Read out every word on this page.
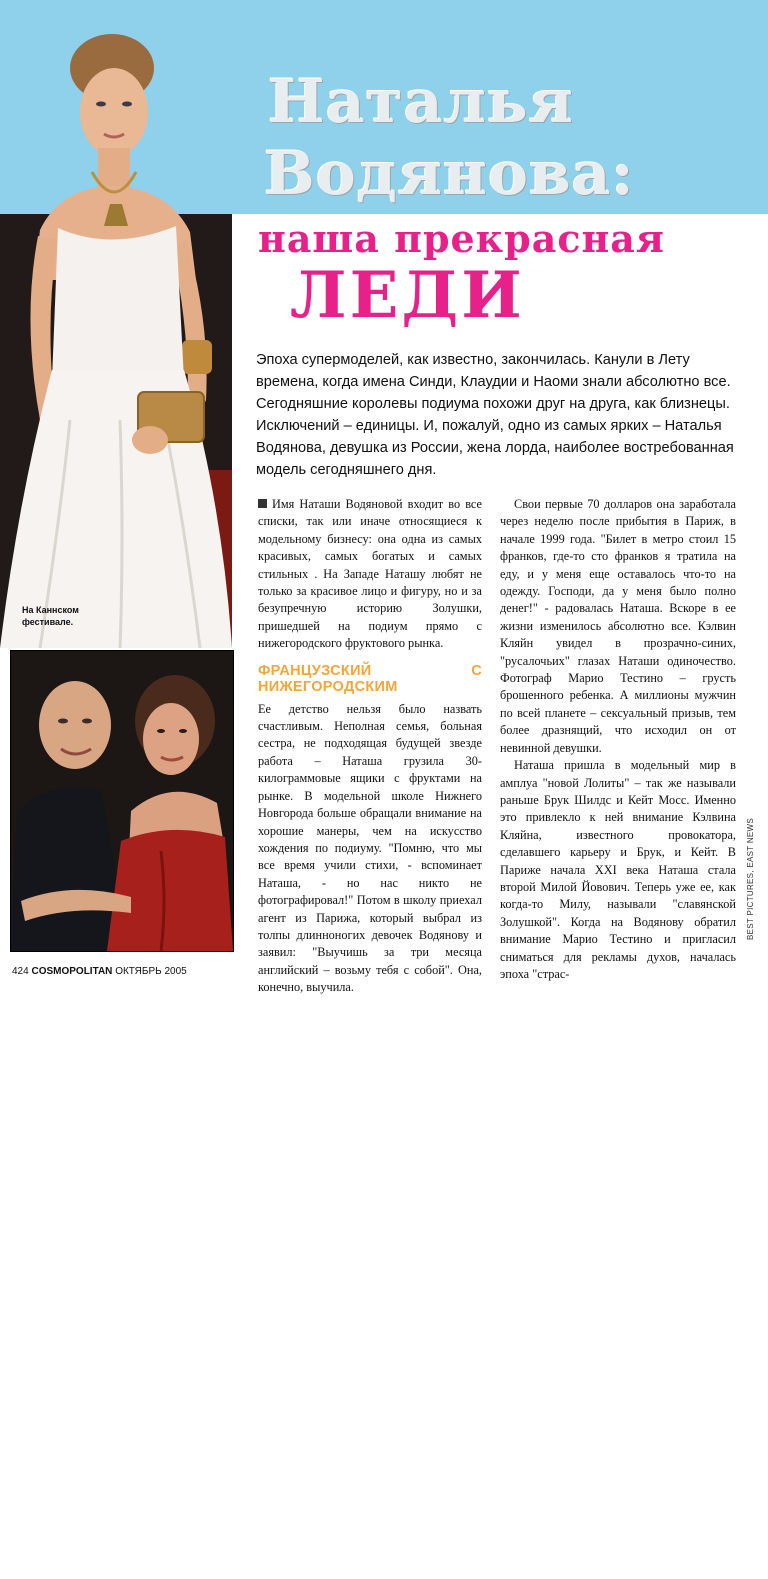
На Каннском фестивале.
Лорд и леди Портман.
Наталья
Водянова:
наша прекрасная
ЛЕДИ
Эпоха супермоделей, как известно, закончилась. Канули в Лету времена, когда имена Синди, Клаудии и Наоми знали абсолютно все. Сегодняшние королевы подиума похожи друг на друга, как близнецы. Исключений – единицы. И, пожалуй, одно из самых ярких – Наталья Водянова, девушка из России, жена лорда, наиболее востребованная модель сегодняшнего дня.

Имя Наташи Водяновой входит во все списки, так или иначе относящиеся к модельному бизнесу: она одна из самых красивых, самых богатых и самых стильных . На Западе Наташу любят не только за красивое лицо и фигуру, но и за безупречную историю Золушки, пришедшей на подиум прямо с нижегородского фруктового рынка.

ФРАНЦУЗСКИЙ С НИЖЕГОРОДСКИМ

Ее детство нельзя было назвать счастливым. Неполная семья, больная сестра, не подходящая будущей звезде работа – Наташа грузила 30-килограммовые ящики с фруктами на рынке. В модельной школе Нижнего Новгорода больше обращали внимание на хорошие манеры, чем на искусство хождения по подиуму. "Помню, что мы все время учили стихи, - вспоминает Наташа, - но нас никто не фотографировал!" Потом в школу приехал агент из Парижа, который выбрал из толпы длинноногих девочек Водянову и заявил: "Выучишь за три месяца английский – возьму тебя с собой". Она, конечно, выучила.

Свои первые 70 долларов она заработала через неделю после прибытия в Париж, в начале 1999 года. "Билет в метро стоил 15 франков, где-то сто франков я тратила на еду, и у меня еще оставалось что-то на одежду. Господи, да у меня было полно денег!" - радовалась Наташа. Вскоре в ее жизни изменилось абсолютно все. Кэлвин Кляйн увидел в прозрачно-синих, "русалочьих" глазах Наташи одиночество. Фотограф Марио Тестино – грусть брошенного ребенка. А миллионы мужчин по всей планете – сексуальный призыв, тем более дразнящий, что исходил он от невинной девушки.

Наташа пришла в модельный мир в амплуа "новой Лолиты" – так же называли раньше Брук Шилдс и Кейт Мосс. Именно это привлекло к ней внимание Кэлвина Кляйна, известного провокатора, сделавшего карьеру и Брук, и Кейт. В Париже начала XXI века Наташа стала второй Милой Йовович. Теперь уже ее, как когда-то Милу, называли "славянской Золушкой". Когда на Водянову обратил внимание Марио Тестино и пригласил сниматься для рекламы духов, началась эпоха "страс-

424 COSMOPOLITAN ОКТЯБРЬ 2005
BEST PICTURES, EAST NEWS
